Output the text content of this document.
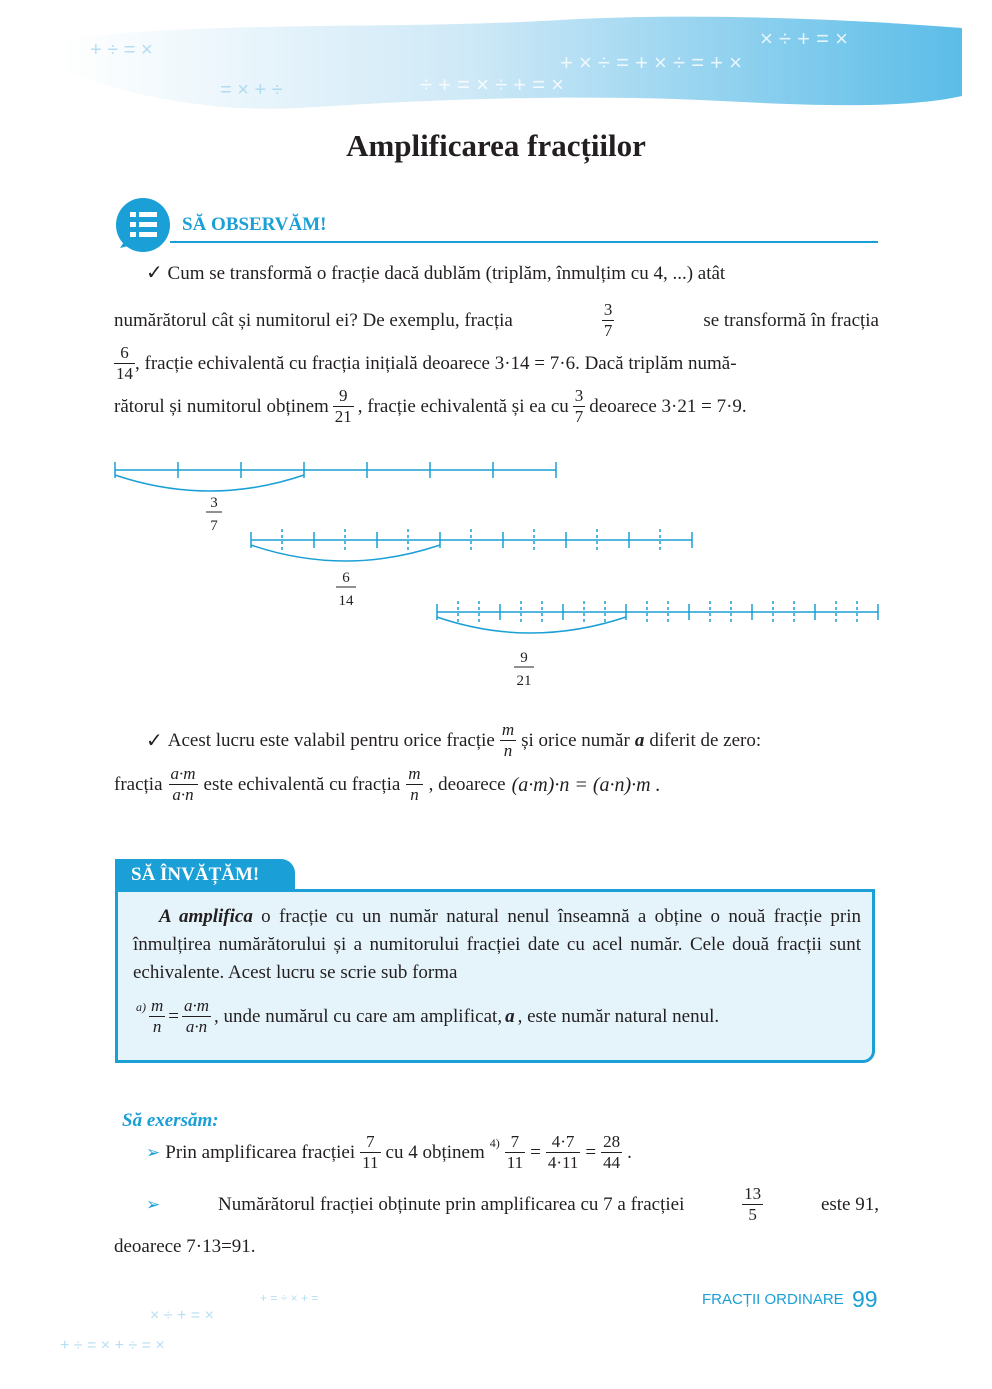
+ × ÷ = + × ÷ = + ×
÷ + = × ÷ + = ×
× ÷ + = ×
+ ÷ = ×
= × + ÷
+ ÷ = × + ÷ = ×
× ÷ + = ×
+ = ÷ × + =
Amplificarea fracțiilor
SĂ OBSERVĂM!
✓ Cum se transformă o fracție dacă dublăm (triplăm, înmulțim cu 4, ...) atât
numărătorul cât și numitorul ei? De exemplu, fracția	$\frac{3}{7}$	se transformă în fracția
$\frac{6}{14}$ , fracție echivalentă cu fracția inițială deoarece 3·14 = 7·6. Dacă triplăm numă-
rătorul și numitorul obținem $\frac{9}{21}$ , fracție echivalentă și ea cu $\frac{3}{7}$ deoarece 3·21 = 7·9.
3
7
6
14
9
21
✓ Acest lucru este valabil pentru orice fracție $\frac{m}{n}$ și orice număr a diferit de zero:
fracția $\frac{a\cdot m}{a\cdot n}$ este echivalentă cu fracția $\frac{m}{n}$ , deoarece (a·m)·n = (a·n)·m .
SĂ ÎNVĂȚĂM!
A amplifica o fracție cu un număr natural nenul înseamnă a obține o nouă fracție prin înmulțirea numărătorului și a numitorului fracției date cu acel număr. Cele două fracții sunt echivalente. Acest lucru se scrie sub forma
$a) \frac{m}{n} = \frac{a\cdot m}{a\cdot n}$ , unde numărul cu care am amplificat, a , este număr natural nenul.
Să exersăm:
➢ Prin amplificarea fracției $\frac{7}{11}$ cu 4 obținem $4) \frac{7}{11} = \frac{4\cdot 7}{4\cdot 11} = \frac{28}{44}$ .
➢	Numărătorul fracției obținute prin amplificarea cu 7 a fracției	$\frac{13}{5}$	este 91,
deoarece 7·13=91.
FRACȚII ORDINARE 99
